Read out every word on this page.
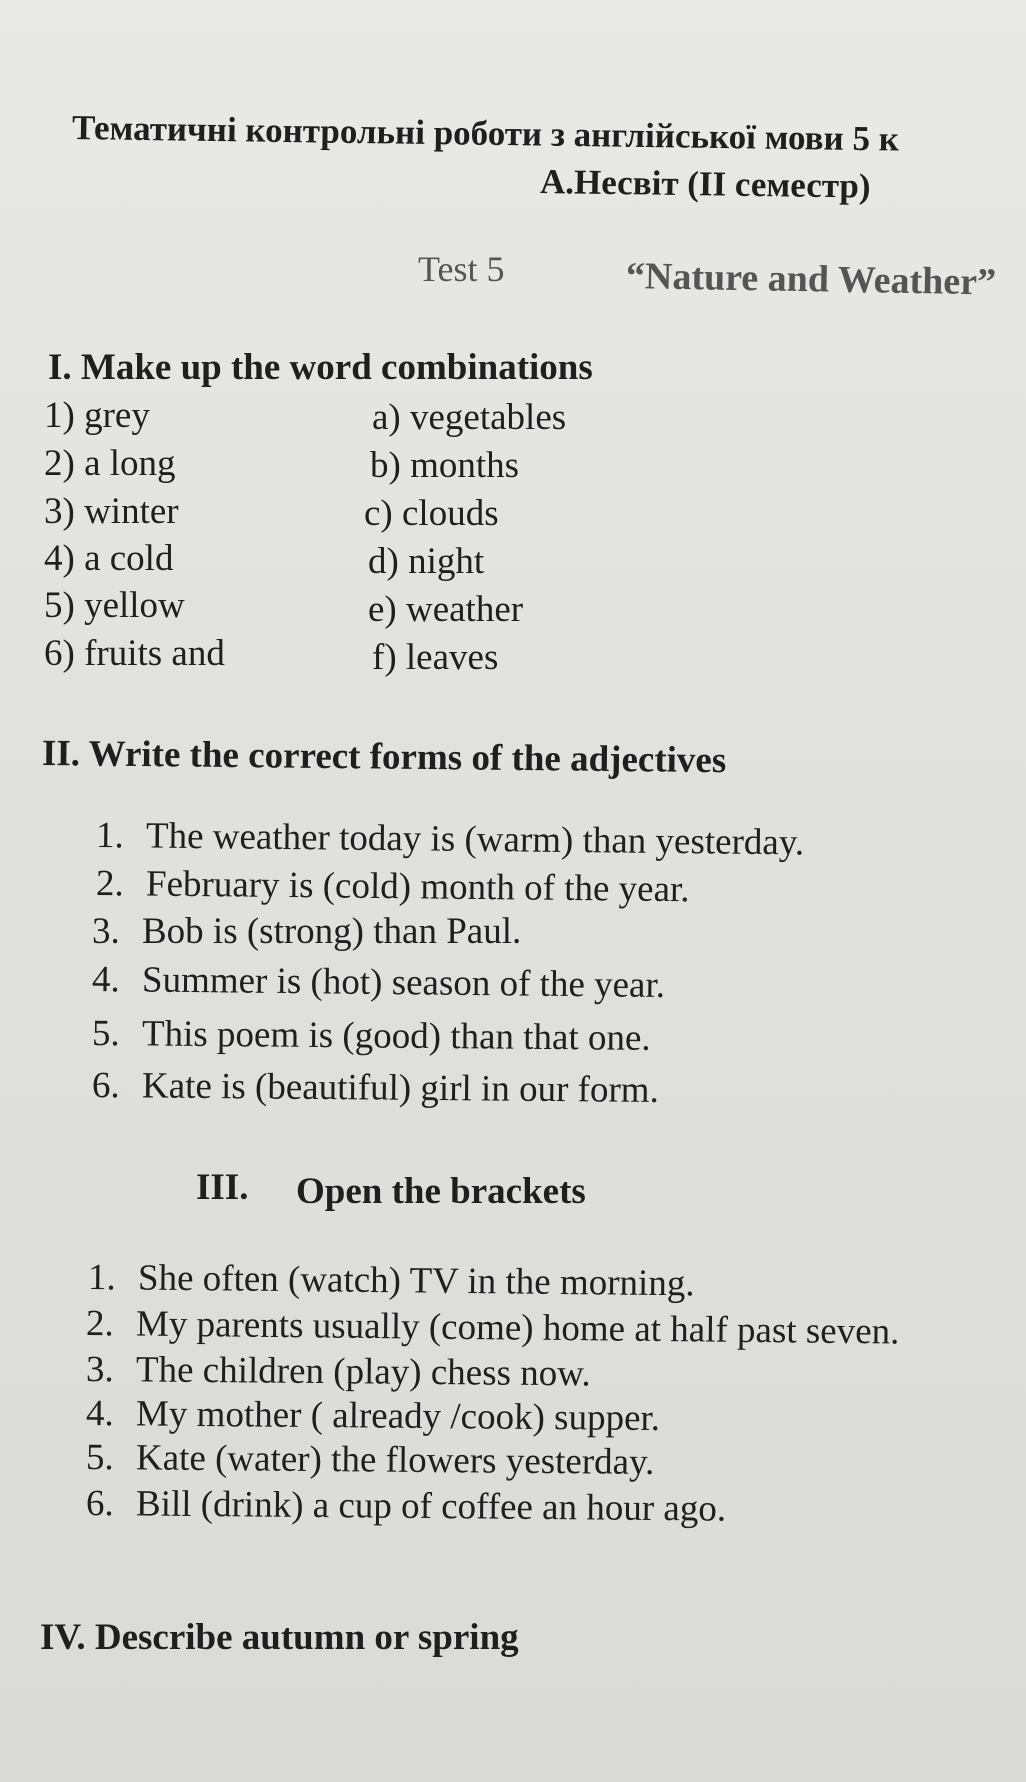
Тематичні контрольні роботи з англійської мови 5 к
А.Несвіт (ІІ семестр)
Test 5	“Nature and Weather”
I. Make up the word combinations
1) grey
2) a long
3) winter
4) a cold
5) yellow
6) fruits and
a) vegetables
b) months
c) clouds
d) night
e) weather
f) leaves
II. Write the correct forms of the adjectives
1. The weather today is (warm) than yesterday.
2. February is (cold) month of the year.
3. Bob is (strong) than Paul.
4. Summer is (hot) season of the year.
5. This poem is (good) than that one.
6. Kate is (beautiful) girl in our form.
III. Open the brackets
1. She often (watch) TV in the morning.
2. My parents usually (come) home at half past seven.
3. The children (play) chess now.
4. My mother ( already /cook) supper.
5. Kate (water) the flowers yesterday.
6. Bill (drink) a cup of coffee an hour ago.
IV. Describe autumn or spring
